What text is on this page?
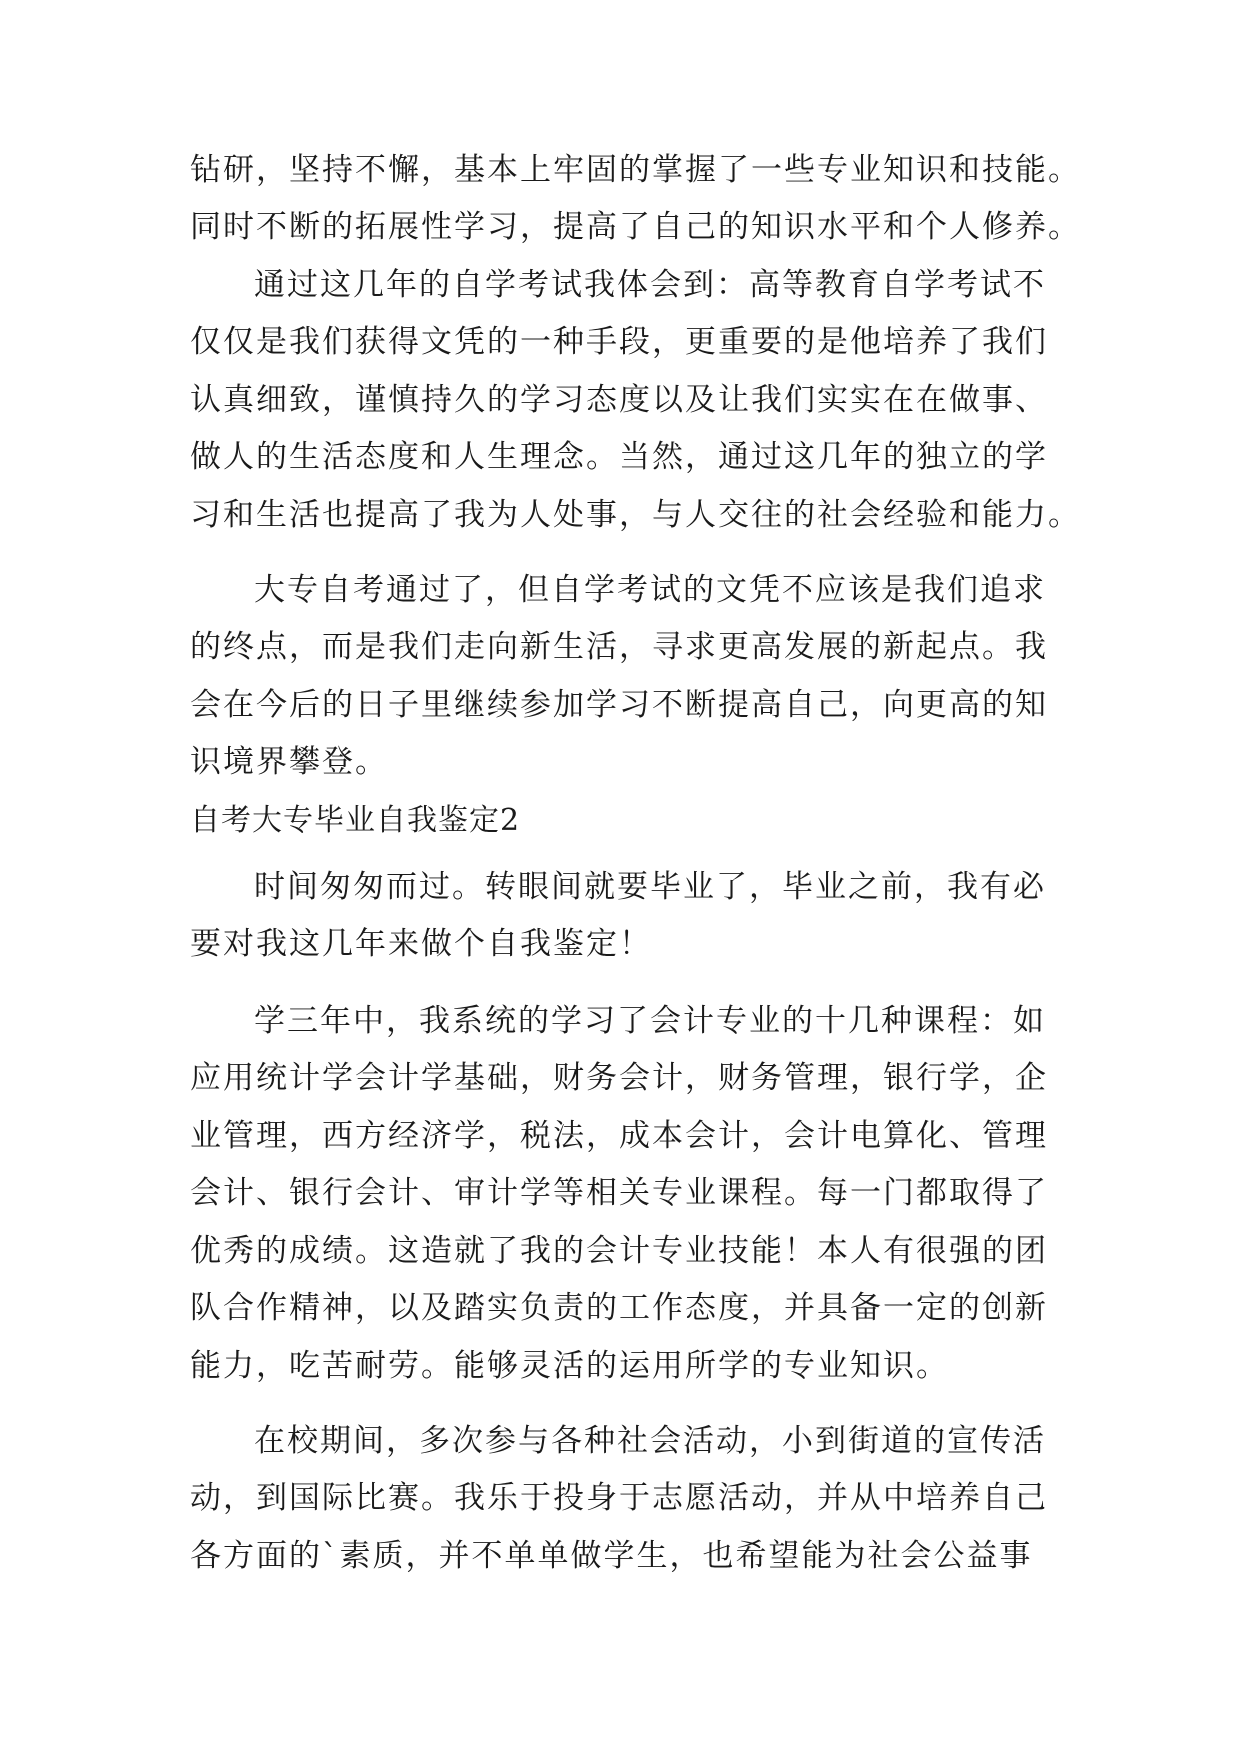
钻研，坚持不懈，基本上牢固的掌握了一些专业知识和技能。
同时不断的拓展性学习，提高了自己的知识水平和个人修养。
通过这几年的自学考试我体会到：高等教育自学考试不
仅仅是我们获得文凭的一种手段，更重要的是他培养了我们
认真细致，谨慎持久的学习态度以及让我们实实在在做事、
做人的生活态度和人生理念。当然，通过这几年的独立的学
习和生活也提高了我为人处事，与人交往的社会经验和能力。
大专自考通过了，但自学考试的文凭不应该是我们追求
的终点，而是我们走向新生活，寻求更高发展的新起点。我
会在今后的日子里继续参加学习不断提高自己，向更高的知
识境界攀登。
自考大专毕业自我鉴定2
时间匆匆而过。转眼间就要毕业了，毕业之前，我有必
要对我这几年来做个自我鉴定！
学三年中，我系统的学习了会计专业的十几种课程：如
应用统计学会计学基础，财务会计，财务管理，银行学，企
业管理，西方经济学，税法，成本会计，会计电算化、管理
会计、银行会计、审计学等相关专业课程。每一门都取得了
优秀的成绩。这造就了我的会计专业技能！本人有很强的团
队合作精神，以及踏实负责的工作态度，并具备一定的创新
能力，吃苦耐劳。能够灵活的运用所学的专业知识。
在校期间，多次参与各种社会活动，小到街道的宣传活
动，到国际比赛。我乐于投身于志愿活动，并从中培养自己
各方面的`素质，并不单单做学生，也希望能为社会公益事
